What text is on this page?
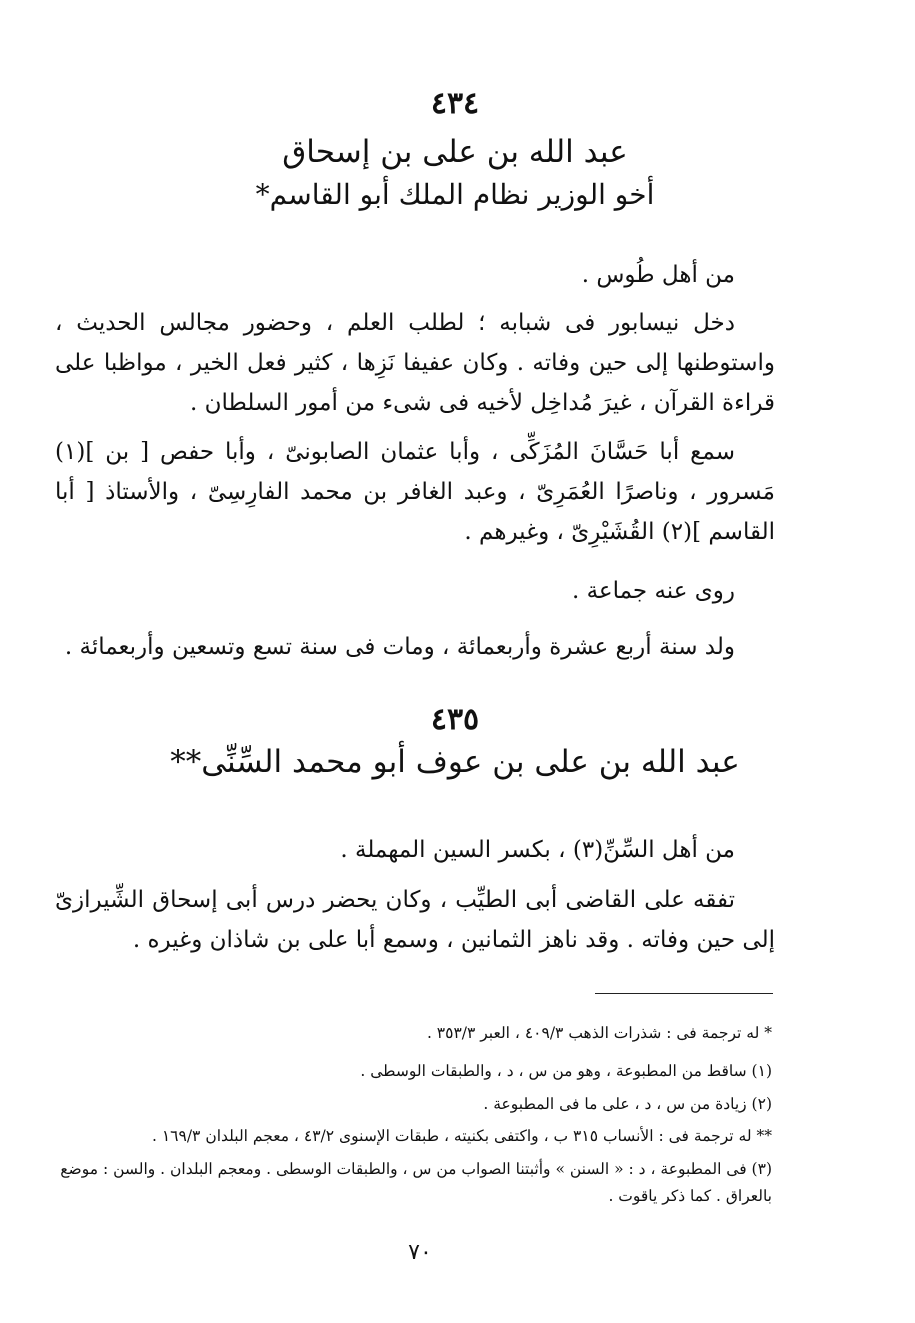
٤٣٤
عبد الله بن على بن إسحاق
أخو الوزير نظام الملك أبو القاسم*
من أهل طُوس .
دخل نيسابور فى شبابه ؛ لطلب العلم ، وحضور مجالس الحديث ، واستوطنها إلى حين وفاته . وكان عفيفا نَزِها ، كثير فعل الخير ، مواظبا على قراءة القرآن ، غيرَ مُداخِل لأخيه فى شىء من أمور السلطان .
سمع أبا حَسَّانَ المُزَكِّى ، وأبا عثمان الصابونىّ ، وأبا حفص [ بن ](١) مَسرور ، وناصرًا العُمَرِىّ ، وعبد الغافر بن محمد الفارِسِىّ ، والأستاذ [ أبا القاسم ](٢) القُشَيْرِىّ ، وغيرهم .
روى عنه جماعة .
ولد سنة أربع عشرة وأربعمائة ، ومات فى سنة تسع وتسعين وأربعمائة .
٤٣٥
عبد الله بن على بن عوف أبو محمد السِّنِّى**
من أهل السِّنِّ(٣) ، بكسر السين المهملة .
تفقه على القاضى أبى الطيِّب ، وكان يحضر درس أبى إسحاق الشِّيرازىّ إلى حين وفاته . وقد ناهز الثمانين ، وسمع أبا على بن شاذان وغيره .
* له ترجمة فى : شذرات الذهب ٤٠٩/٣ ، العبر ٣٥٣/٣ .
(١) ساقط من المطبوعة ، وهو من س ، د ، والطبقات الوسطى .
(٢) زيادة من س ، د ، على ما فى المطبوعة .
** له ترجمة فى : الأنساب ٣١٥ ب ، واكتفى بكنيته ، طبقات الإسنوى ٤٣/٢ ، معجم البلدان ١٦٩/٣ .
(٣) فى المطبوعة ، د : « السنن » وأثبتنا الصواب من س ، والطبقات الوسطى . ومعجم البلدان . والسن : موضع بالعراق . كما ذكر ياقوت .
٧٠
